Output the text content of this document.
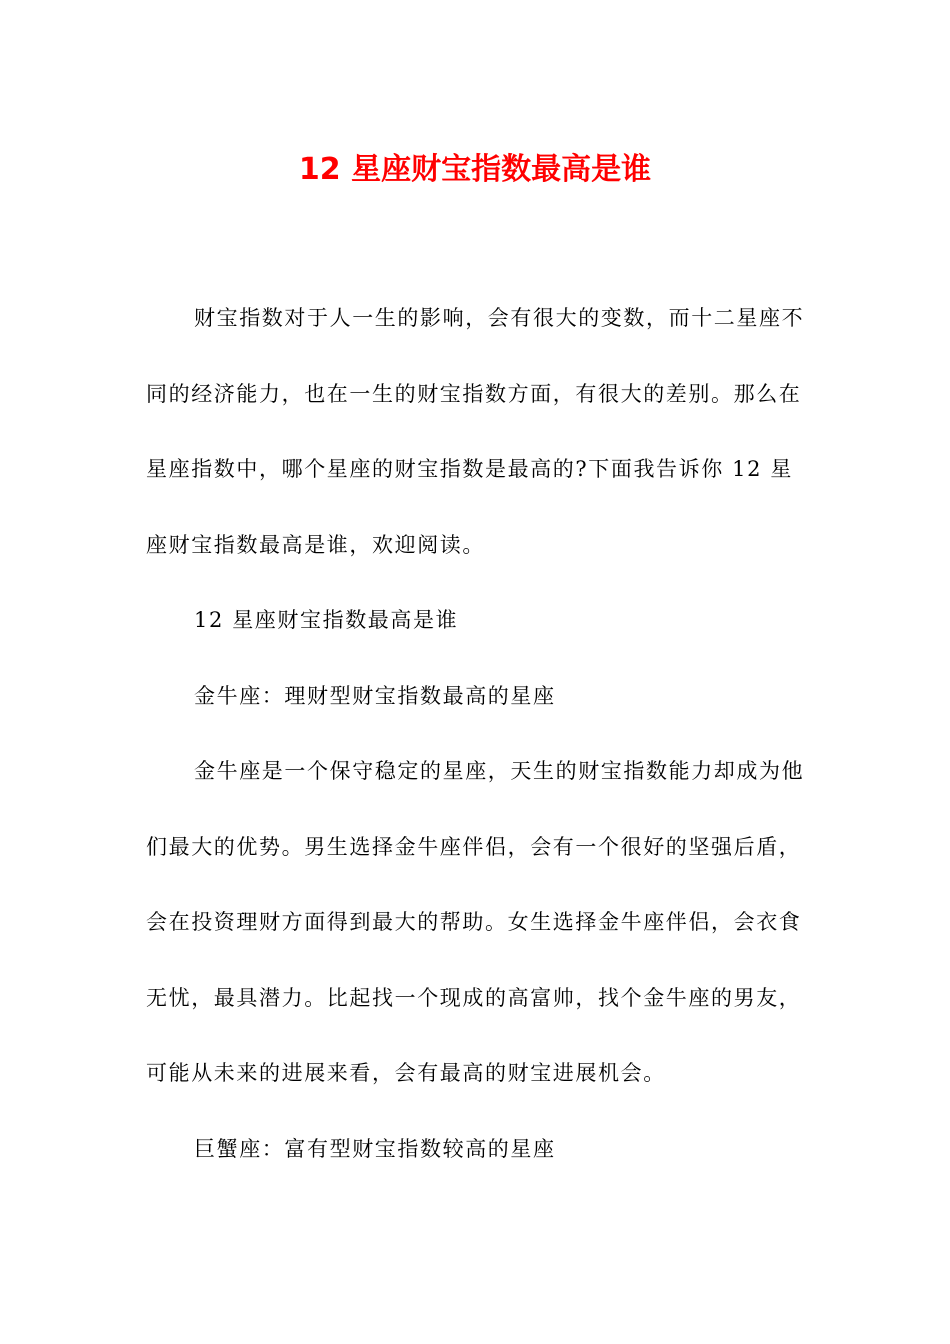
12 星座财宝指数最高是谁

财宝指数对于人一生的影响，会有很大的变数，而十二星座不同的经济能力，也在一生的财宝指数方面，有很大的差别。那么在星座指数中，哪个星座的财宝指数是最高的?下面我告诉你 12 星座财宝指数最高是谁，欢迎阅读。

12 星座财宝指数最高是谁

金牛座：理财型财宝指数最高的星座

金牛座是一个保守稳定的星座，天生的财宝指数能力却成为他们最大的优势。男生选择金牛座伴侣，会有一个很好的坚强后盾，会在投资理财方面得到最大的帮助。女生选择金牛座伴侣，会衣食无忧，最具潜力。比起找一个现成的高富帅，找个金牛座的男友，可能从未来的进展来看，会有最高的财宝进展机会。

巨蟹座：富有型财宝指数较高的星座
